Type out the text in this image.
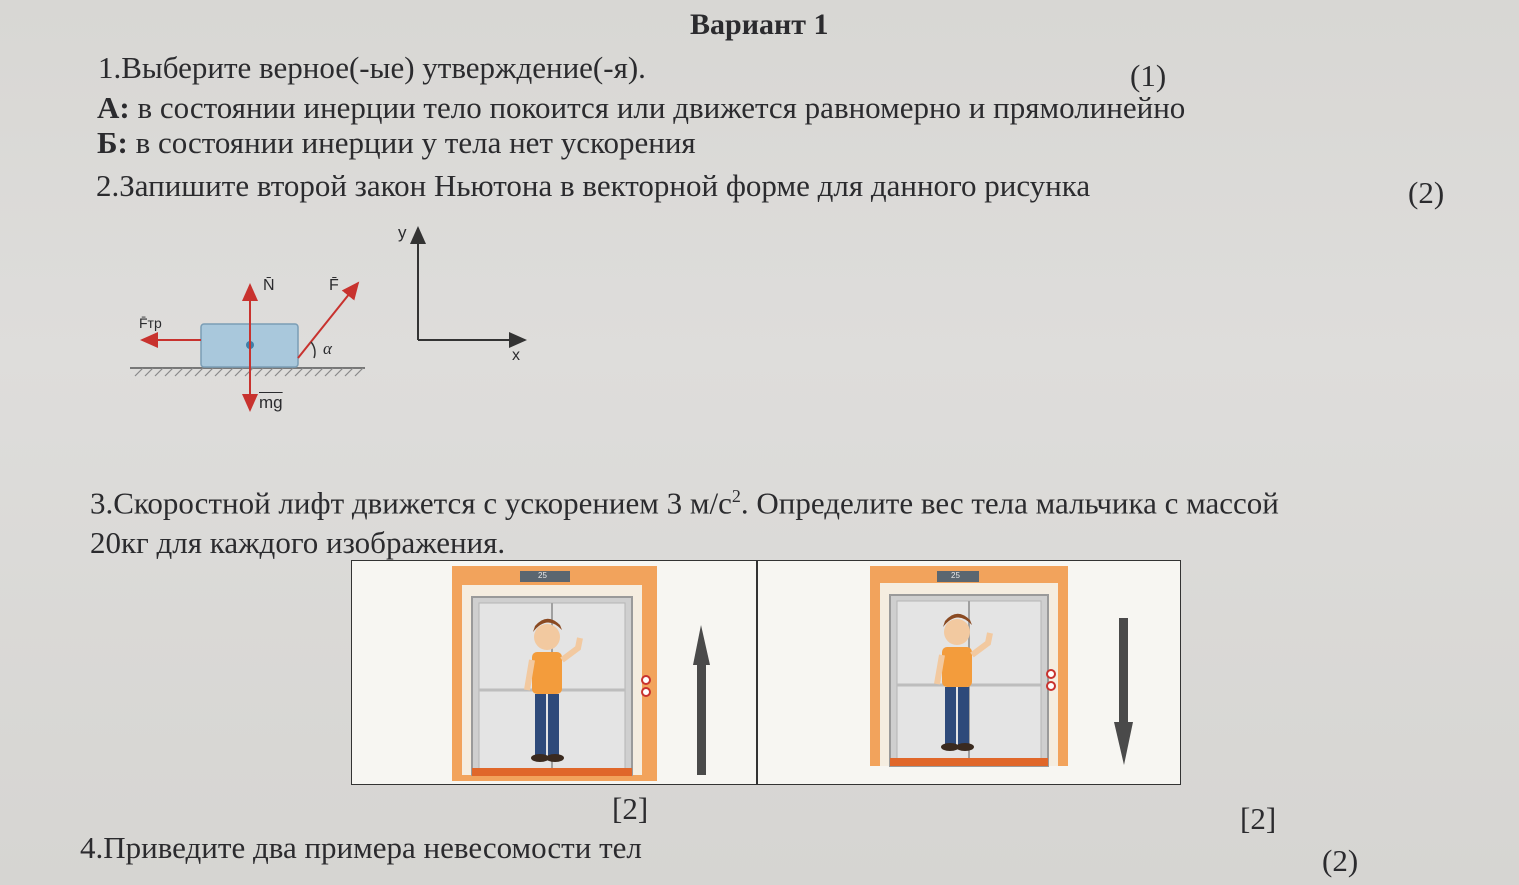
Вариант 1
1.Выберите верное(-ые) утверждение(-я).	(1)
А: в состоянии инерции тело покоится или движется равномерно и прямолинейно
Б: в состоянии инерции у тела нет ускорения
2.Запишите второй закон Ньютона в векторной форме для данного рисунка	(2)
N̄	F̄
F̄тр
$\overline{mg}$
α
y
x
3.Скоростной лифт движется с ускорением 3 $м/с^2$. Определите вес тела мальчика с массой
20кг для каждого изображения.
25	25
[2]	[2]
4.Приведите два примера невесомости тел	(2)
